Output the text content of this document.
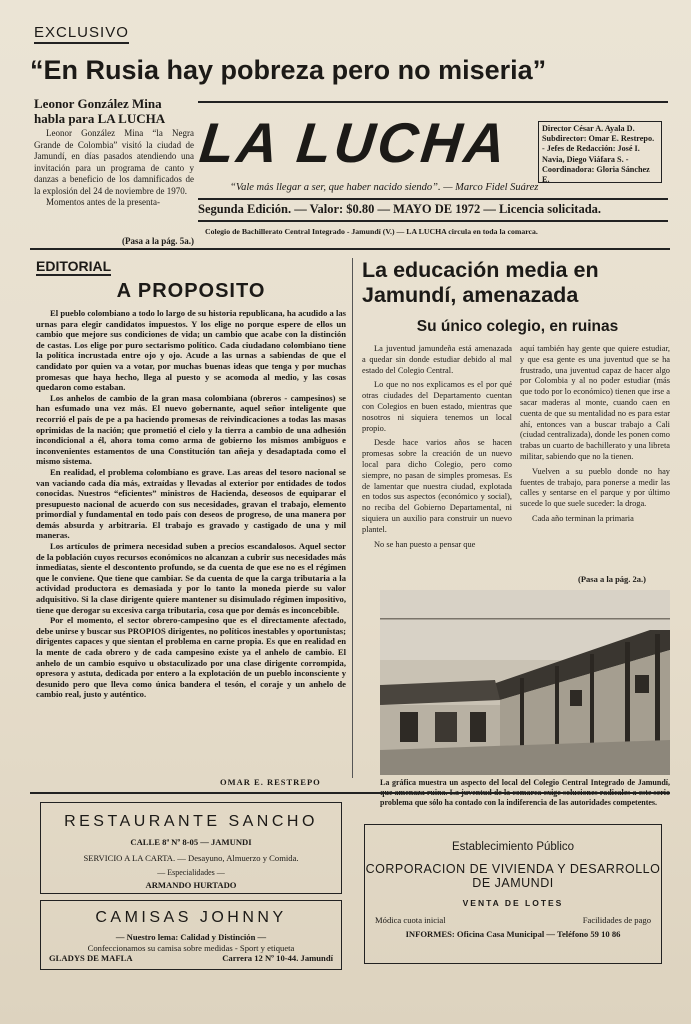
EXCLUSIVO
“En Rusia hay pobreza pero no miseria”
Leonor González Mina habla para LA LUCHA
Leonor González Mina “la Negra Grande de Colombia” visitó la ciudad de Jamundí, en días pasados atendiendo una invitación para un programa de canto y danzas a beneficio de los damnificados de la explosión del 24 de noviembre de 1970.
Momentos antes de la presenta-
(Pasa a la pág. 5a.)
LA LUCHA	Director César A. Ayala D.
Subdirector: Omar E. Restrepo. - Jefes de Redacción: José I. Navia, Diego Viáfara S. - Coordinadora: Gloria Sánchez E.
“Vale más llegar a ser, que haber nacido siendo”. — Marco Fidel Suárez
Segunda Edición. — Valor: $0.80 — MAYO DE 1972 — Licencia solicitada.
Colegio de Bachillerato Central Integrado - Jamundí (V.) — LA LUCHA circula en toda la comarca.
EDITORIAL
A PROPOSITO

El pueblo colombiano a todo lo largo de su historia republicana, ha acudido a las urnas para elegir candidatos impuestos. Y los elige no porque espere de ellos un cambio que mejore sus condiciones de vida; un cambio que acabe con la distinción de castas. Los elige por puro sectarismo político. Cada ciudadano colombiano tiene la política incrustada entre ojo y ojo. Acude a las urnas a sabiendas de que el candidato por quien va a votar, por muchas buenas ideas que tenga y por muchas promesas que haya hecho, llega al puesto y se acomoda al medio, y las cosas quedaron como estaban.

Los anhelos de cambio de la gran masa colombiana (obreros - campesinos) se han esfumado una vez más. El nuevo gobernante, aquel señor inteligente que recorrió el país de pe a pa haciendo promesas de reivindicaciones a todas las masas oprimidas de la nación; que prometió el cielo y la tierra a cambio de una adhesión incondicional a él, ahora toma como arma de gobierno los mismos ambiguos e inconvenientes estamentos de una Constitución tan añeja y desadaptada como el mismo sistema.

En realidad, el problema colombiano es grave. Las areas del tesoro nacional se van vaciando cada día más, extraídas y llevadas al exterior por entidades de todos conocidas. Nuestros “eficientes” ministros de Hacienda, deseosos de equiparar el presupuesto nacional de acuerdo con sus necesidades, gravan el trabajo, elemento primordial y fundamental en todo país con deseos de progreso, de una manera por demás absurda y arbitraria. El trabajo es gravado y castigado de una y mil maneras.

Los artículos de primera necesidad suben a precios escandalosos. Aquel sector de la población cuyos recursos económicos no alcanzan a cubrir sus necesidades más inmediatas, siente el descontento profundo, se da cuenta de que ese no es el régimen que le conviene. Que tiene que cambiar. Se da cuenta de que la carga tributaria a la actividad productora es demasiada y por lo tanto la moneda pierde su valor adquisitivo. Si la clase dirigente quiere mantener su disimulado régimen impositivo, tiene que derogar su excesiva carga tributaria, cosa que por demás es inconcebible.

Por el momento, el sector obrero-campesino que es el directamente afectado, debe unirse y buscar sus PROPIOS dirigentes, no políticos inestables y oportunistas; dirigentes capaces y que sientan el problema en carne propia. Es que en realidad en la mente de cada obrero y de cada campesino existe ya el anhelo de cambio. El anhelo de un cambio esquivo u obstaculizado por una clase dirigente corrompida, opresora y astuta, dedicada por entero a la explotación de un pueblo inconsciente y desunido pero que lleva como única bandera el tesón, el coraje y un anhelo de cambio real, justo y auténtico.

OMAR E. RESTREPO
La educación media en Jamundí, amenazada
Su único colegio, en ruinas

La juventud jamundeña está amenazada a quedar sin donde estudiar debido al mal estado del Colegio Central.

Lo que no nos explicamos es el por qué otras ciudades del Departamento cuentan con Colegios en buen estado, mientras que nosotros ni siquiera tenemos un local propio.

Desde hace varios años se hacen promesas sobre la creación de un nuevo local para dicho Colegio, pero como siempre, no pasan de simples promesas. Es de lamentar que nuestra ciudad, explotada en todos sus aspectos (económico y social), no reciba del Gobierno Departamental, ni siquiera un auxilio para construir un nuevo plantel.

No se han puesto a pensar que

aquí también hay gente que quiere estudiar, y que esa gente es una juventud que se ha frustrado, una juventud capaz de hacer algo por Colombia y al no poder estudiar (más que todo por lo económico) tienen que irse a sacar maderas al monte, cuando caen en cuenta de que su mentalidad no es para estar ahí, entonces van a buscar trabajo a Cali (ciudad centralizada), donde les ponen como trabas un cuarto de bachillerato y una libreta militar, sabiendo que no la tienen.

Vuelven a su pueblo donde no hay fuentes de trabajo, para ponerse a medir las calles y sentarse en el parque y por último sucede lo que suele suceder: la droga.

Cada año terminan la primaria

(Pasa a la pág. 2a.)
La gráfica muestra un aspecto del local del Colegio Central Integrado de Jamundí, problema que sólo ha contado con la indiferencia de las autoridades competentes.
RESTAURANTE SANCHO
CALLE 8ª Nº 8-05 — JAMUNDI
SERVICIO A LA CARTA. — Desayuno, Almuerzo y Comida.
— Especialidades —
ARMANDO HURTADO
CAMISAS JOHNNY
— Nuestro lema: Calidad y Distinción —
Confeccionamos su camisa sobre medidas - Sport y etiqueta
GLADYS DE MAFLA	Carrera 12 Nº 10-44. Jamundí
Establecimiento Público
CORPORACION DE VIVIENDA Y DESARROLLO DE JAMUNDI
VENTA DE LOTES
Módica cuota inicial	Facilidades de pago
INFORMES: Oficina Casa Municipal — Teléfono 59 10 86
